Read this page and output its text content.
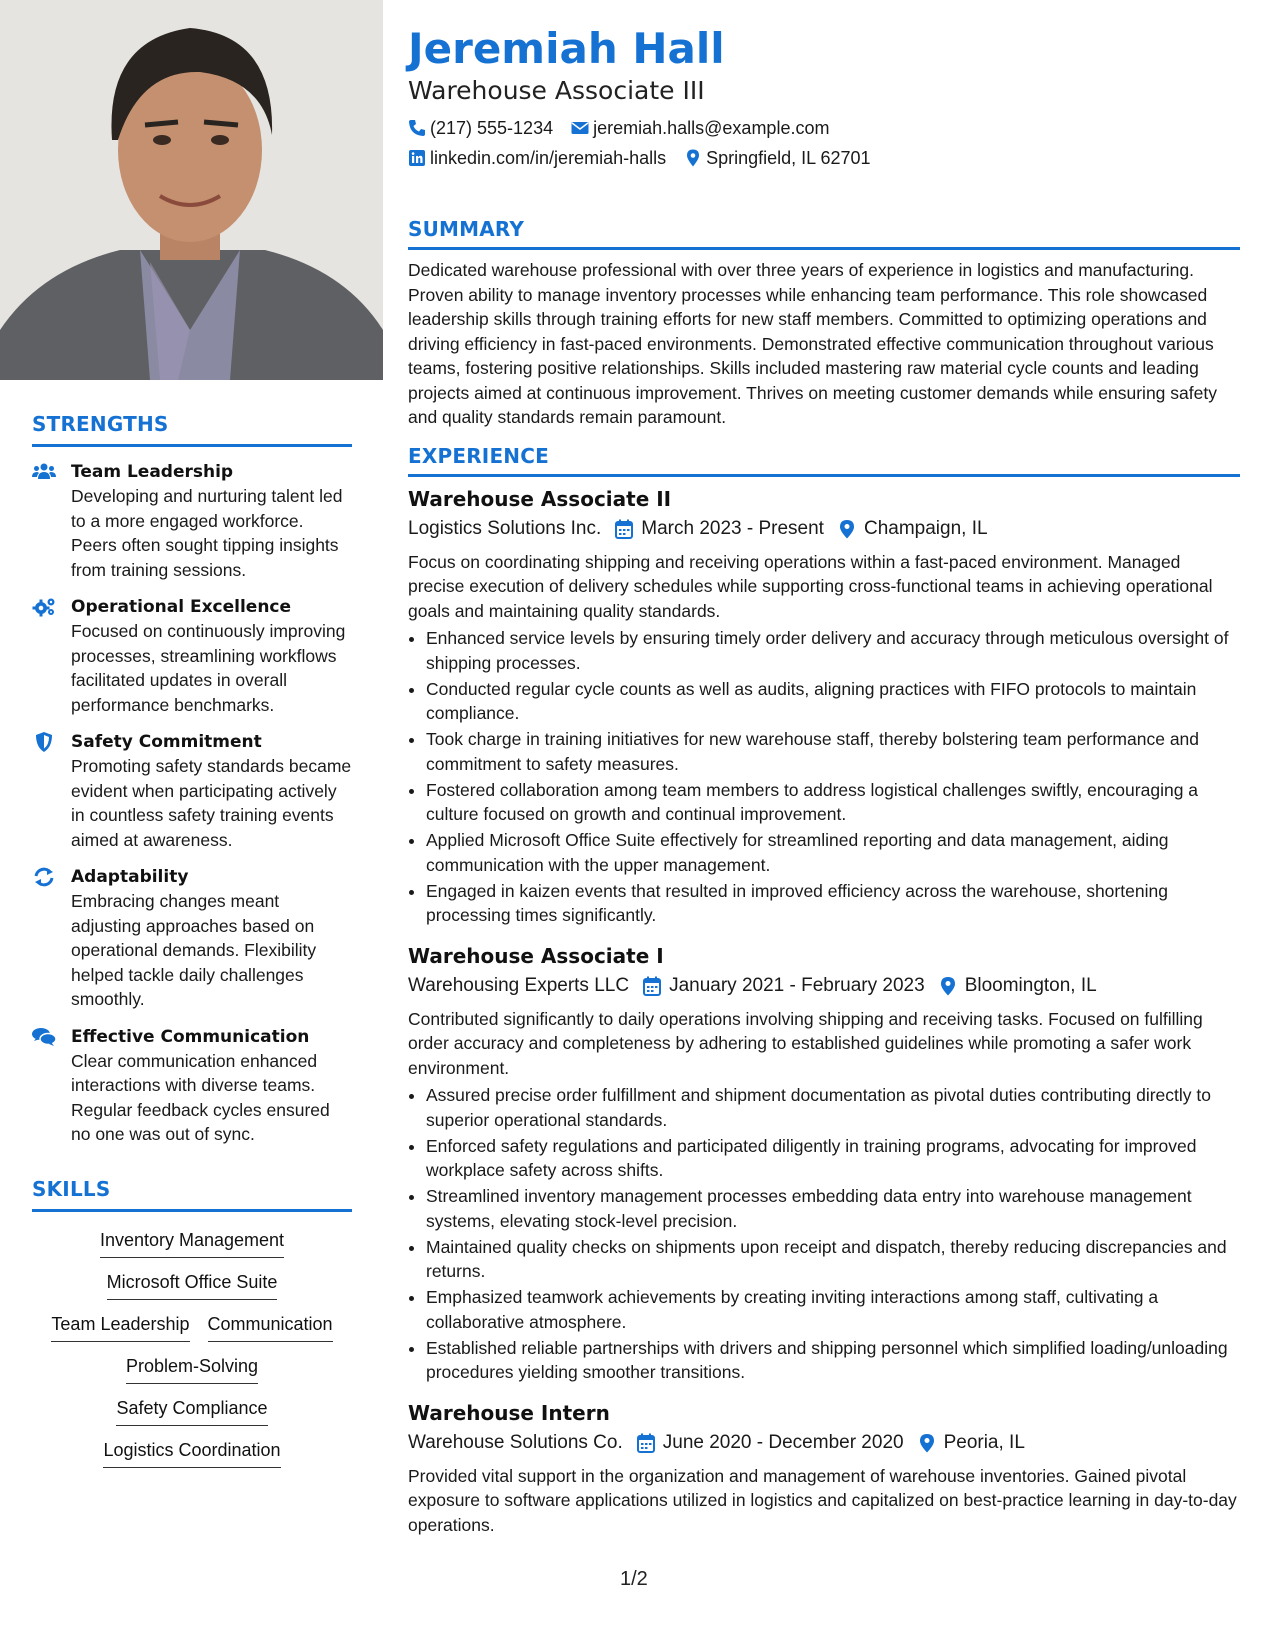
STRENGTHS
Team Leadership
Developing and nurturing talent led to a more engaged workforce. Peers often sought tipping insights from training sessions.
Operational Excellence
Focused on continuously improving processes, streamlining workflows facilitated updates in overall performance benchmarks.
Safety Commitment
Promoting safety standards became evident when participating actively in countless safety training events aimed at awareness.
Adaptability
Embracing changes meant adjusting approaches based on operational demands. Flexibility helped tackle daily challenges smoothly.
Effective Communication
Clear communication enhanced interactions with diverse teams. Regular feedback cycles ensured no one was out of sync.
SKILLS
Inventory Management
Microsoft Office Suite
Team Leadership Communication
Problem-Solving
Safety Compliance
Logistics Coordination
Jeremiah Hall
Warehouse Associate III
(217) 555-1234 jeremiah.halls@example.com
linkedin.com/in/jeremiah-halls Springfield, IL 62701
SUMMARY
Dedicated warehouse professional with over three years of experience in logistics and manufacturing. Proven ability to manage inventory processes while enhancing team performance. This role showcased leadership skills through training efforts for new staff members. Committed to optimizing operations and driving efficiency in fast-paced environments. Demonstrated effective communication throughout various teams, fostering positive relationships. Skills included mastering raw material cycle counts and leading projects aimed at continuous improvement. Thrives on meeting customer demands while ensuring safety and quality standards remain paramount.
EXPERIENCE
Warehouse Associate II
Logistics Solutions Inc. March 2023 - Present Champaign, IL
Focus on coordinating shipping and receiving operations within a fast-paced environment. Managed precise execution of delivery schedules while supporting cross-functional teams in achieving operational goals and maintaining quality standards.
• Enhanced service levels by ensuring timely order delivery and accuracy through meticulous oversight of shipping processes.
• Conducted regular cycle counts as well as audits, aligning practices with FIFO protocols to maintain compliance.
• Took charge in training initiatives for new warehouse staff, thereby bolstering team performance and commitment to safety measures.
• Fostered collaboration among team members to address logistical challenges swiftly, encouraging a culture focused on growth and continual improvement.
• Applied Microsoft Office Suite effectively for streamlined reporting and data management, aiding communication with the upper management.
• Engaged in kaizen events that resulted in improved efficiency across the warehouse, shortening processing times significantly.
Warehouse Associate I
Warehousing Experts LLC January 2021 - February 2023 Bloomington, IL
Contributed significantly to daily operations involving shipping and receiving tasks. Focused on fulfilling order accuracy and completeness by adhering to established guidelines while promoting a safer work environment.
• Assured precise order fulfillment and shipment documentation as pivotal duties contributing directly to superior operational standards.
• Enforced safety regulations and participated diligently in training programs, advocating for improved workplace safety across shifts.
• Streamlined inventory management processes embedding data entry into warehouse management systems, elevating stock-level precision.
• Maintained quality checks on shipments upon receipt and dispatch, thereby reducing discrepancies and returns.
• Emphasized teamwork achievements by creating inviting interactions among staff, cultivating a collaborative atmosphere.
• Established reliable partnerships with drivers and shipping personnel which simplified loading/unloading procedures yielding smoother transitions.
Warehouse Intern
Warehouse Solutions Co. June 2020 - December 2020 Peoria, IL
Provided vital support in the organization and management of warehouse inventories. Gained pivotal exposure to software applications utilized in logistics and capitalized on best-practice learning in day-to-day operations.
1/2
